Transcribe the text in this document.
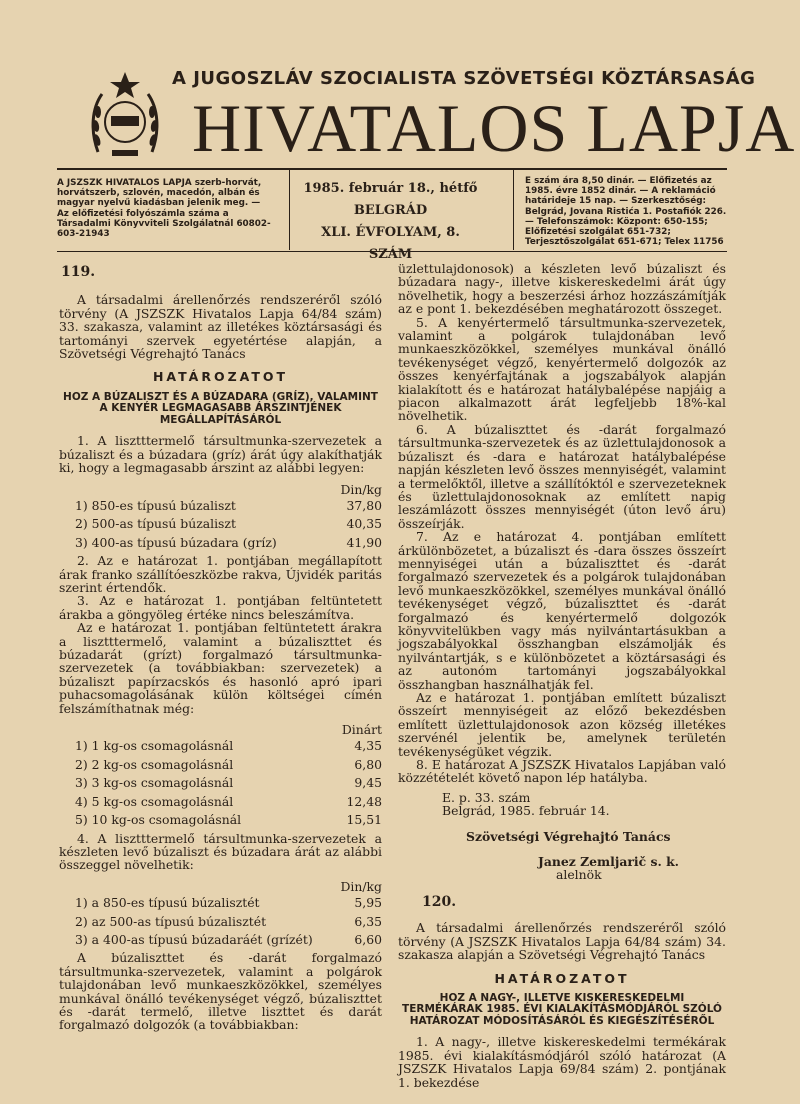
A JUGOSZLÁV SZOCIALISTA SZÖVETSÉGI KÖZTÁRSASÁG
HIVATALOS LAPJA
A JSZSZK HIVATALOS LAPJA szerb-horvát, horvátszerb, szlovén, macedón, albán és magyar nyelvű kiadásban jelenik meg. — Az előfizetési folyószámla száma a Társadalmi Könyvviteli Szolgálatnál 60802-603-21943
1985. február 18., hétfő
BELGRÁD
XLI. ÉVFOLYAM, 8. SZÁM
E szám ára 8,50 dinár. — Előfizetés az 1985. évre 1852 dinár. — A reklamáció határideje 15 nap. — Szerkesztőség: Belgrád, Jovana Ristića 1. Postafiók 226. — Telefonszámok: Központ: 650-155; Előfizetési szolgálat 651-732; Terjesztőszolgálat 651-671; Telex 11756
119.

A társadalmi árellenőrzés rendszeréről szóló törvény (A JSZSZK Hivatalos Lapja 64/84 szám) 33. szakasza, valamint az illetékes köztársasági és tartományi szervek egyetértése alapján, a Szövetségi Végrehajtó Tanács

HATÁROZATOT
HOZ A BÚZALISZT ÉS A BÚZADARA (GRÍZ), VALAMINT A KENYÉR LEGMAGASABB ÁRSZINTJÉNEK MEGÁLLAPÍTÁSÁRÓL

1. A lisztttermelő társultmunka-szervezetek a búzaliszt és a búzadara (gríz) árát úgy alakíthatják ki, hogy a legmagasabb árszint az alábbi legyen:

Din/kg
1) 850-es típusú búzaliszt	37,80
2) 500-as típusú búzaliszt	40,35
3) 400-as típusú búzadara (gríz)	41,90

2. Az e határozat 1. pontjában megállapított árak franko szállítóeszközbe rakva, Újvidék paritás szerint értendők.

3. Az e határozat 1. pontjában feltüntetett árakba a göngyöleg értéke nincs beleszámítva.

Az e határozat 1. pontjában feltüntetett árakra a lisztttermelő, valamint a búzaliszttet és búzadarát (grízt) forgalmazó társultmunka-szervezetek (a továbbiakban: szervezetek) a búzaliszt papírzacskós és hasonló apró ipari puhacsomagolásának külön költségei címén felszámíthatnak még:

Dinárt
1) 1 kg-os csomagolásnál	4,35
2) 2 kg-os csomagolásnál	6,80
3) 3 kg-os csomagolásnál	9,45
4) 5 kg-os csomagolásnál	12,48
5) 10 kg-os csomagolásnál	15,51

4. A lisztttermelő társultmunka-szervezetek a készleten levő búzaliszt és búzadara árát az alábbi összeggel növelhetik:

Din/kg
1) a 850-es típusú búzalisztét	5,95
2) az 500-as típusú búzalisztét	6,35
3) a 400-as típusú búzadaráét (grízét)	6,60

A búzaliszttet és -darát forgalmazó társultmunka-szervezetek, valamint a polgárok tulajdonában levő munkaeszközökkel, személyes munkával önálló tevékenységet végző, búzaliszttet és -darát termelő, illetve liszttet és darát forgalmazó dolgozók (a továbbiakban:

üzlettulajdonosok) a készleten levő búzaliszt és búzadara nagy-, illetve kiskereskedelmi árát úgy növelhetik, hogy a beszerzési árhoz hozzászámítják az e pont 1. bekezdésében meghatározott összeget.

5. A kenyértermelő társultmunka-szervezetek, valamint a polgárok tulajdonában levő munkaeszközökkel, személyes munkával önálló tevékenységet végző, kenyértermelő dolgozók az összes kenyérfajtának a jogszabályok alapján kialakított és e határozat hatálybalépése napjáig a piacon alkalmazott árát legfeljebb 18%-kal növelhetik.

6. A búzaliszttet és -darát forgalmazó társultmunka-szervezetek és az üzlettulajdonosok a búzaliszt és -dara e határozat hatálybalépése napján készleten levő összes mennyiségét, valamint a termelőktől, illetve a szállítóktól e szervezeteknek és üzlettulajdonosoknak az említett napig leszámlázott összes mennyiségét (úton levő áru) összeírják.

7. Az e határozat 4. pontjában említett árkülönbözetet, a búzaliszt és -dara összes összeírt mennyiségei után a búzaliszttet és -darát forgalmazó szervezetek és a polgárok tulajdonában levő munkaeszközökkel, személyes munkával önálló tevékenységet végző, búzaliszttet és -darát forgalmazó és kenyértermelő dolgozók könyvvitelükben vagy más nyilvántartásukban a jogszabályokkal összhangban elszámolják és nyilvántartják, s e különbözetet a köztársasági és az autonóm tartományi jogszabályokkal összhangban használhatják fel.

Az e határozat 1. pontjában említett búzaliszt összeírt mennyiségeit az előző bekezdésben említett üzlettulajdonosok azon község illetékes szervénél jelentik be, amelynek területén tevékenységüket végzik.

8. E határozat A JSZSZK Hivatalos Lapjában való közzétételét követő napon lép hatályba.

E. p. 33. szám
Belgrád, 1985. február 14.
Szövetségi Végrehajtó Tanács
Janez Zemljarič s. k.
alelnök
120.

A társadalmi árellenőrzés rendszeréről szóló törvény (A JSZSZK Hivatalos Lapja 64/84 szám) 34. szakasza alapján a Szövetségi Végrehajtó Tanács

HATÁROZATOT
HOZ A NAGY-, ILLETVE KISKERESKEDELMI TERMÉKÁRAK 1985. ÉVI KIALAKÍTÁSMÓDJÁRÓL SZÓLÓ HATÁROZAT MÓDOSÍTÁSÁRÓL ÉS KIEGÉSZÍTÉSÉRŐL

1. A nagy-, illetve kiskereskedelmi termékárak 1985. évi kialakításmódjáról szóló határozat (A JSZSZK Hivatalos Lapja 69/84 szám) 2. pontjának 1. bekezdése
